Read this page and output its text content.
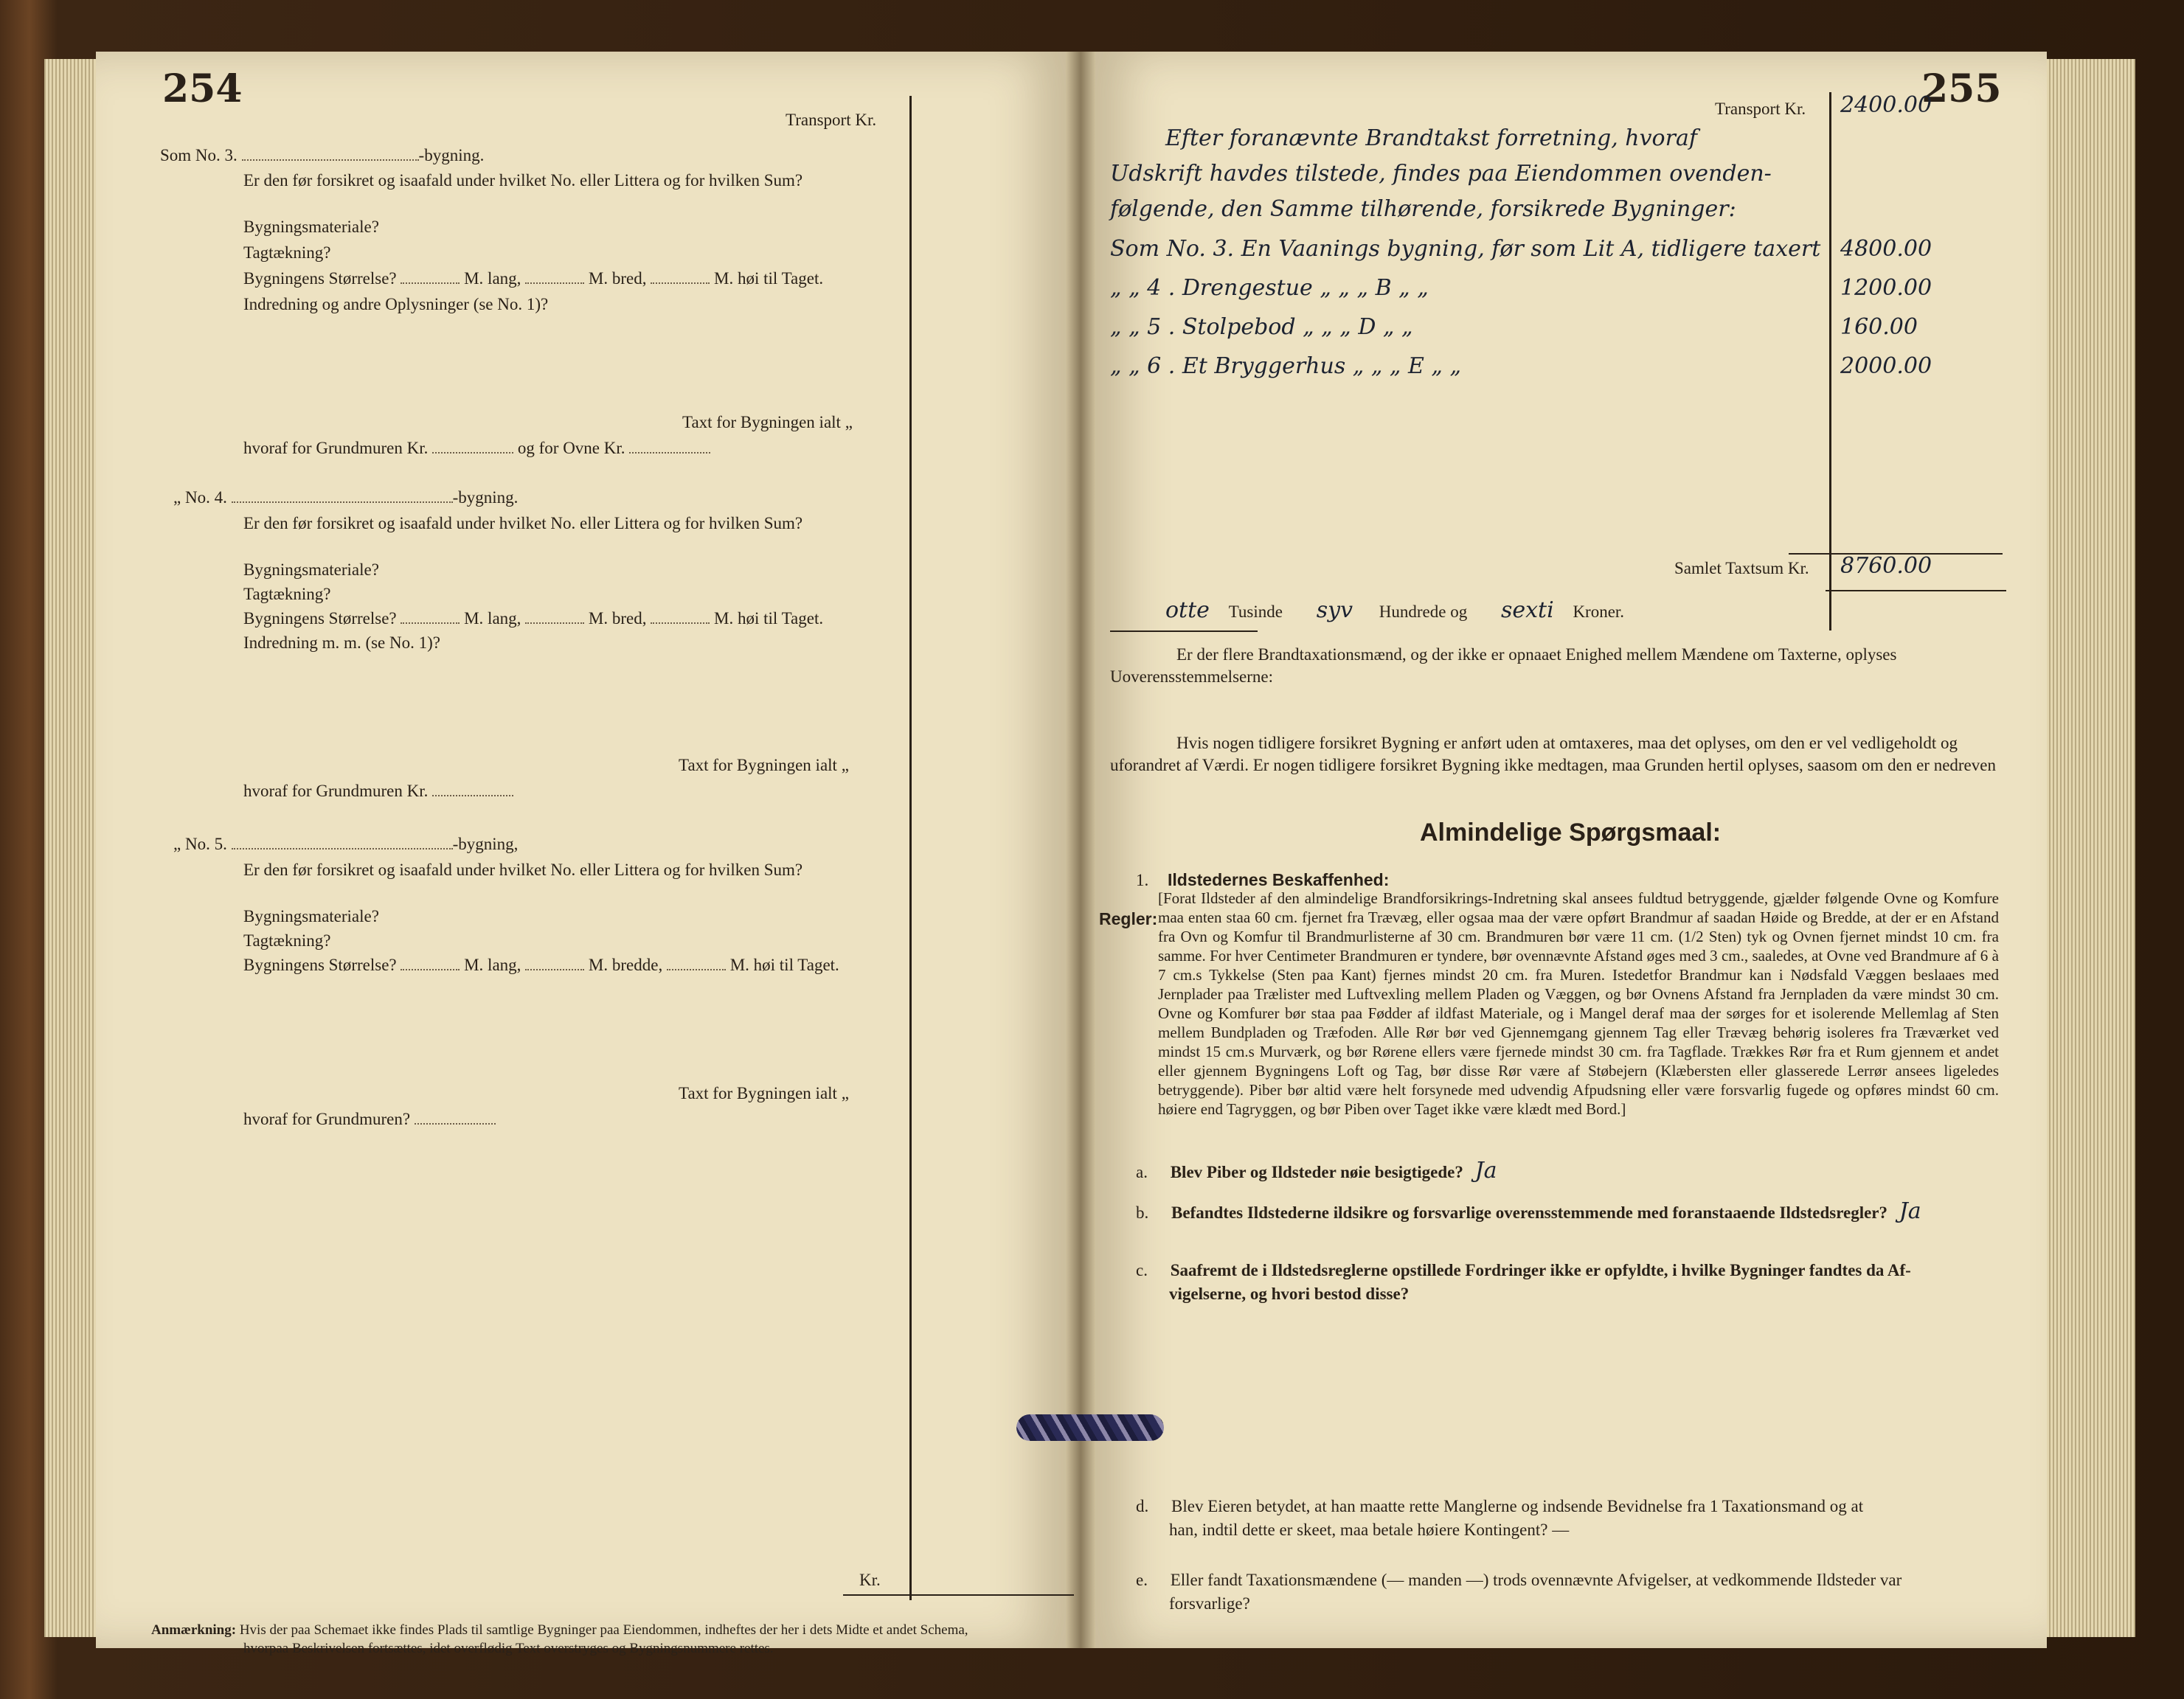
254
Transport Kr.
Kr.
Som No. 3.	-bygning.
Er den før forsikret og isaafald under hvilket No. eller Littera og for hvilken Sum?
Bygningsmateriale?
Tagtækning?
Bygningens Størrelse?	M. lang,	M. bred,	M. høi til Taget.
Indredning og andre Oplysninger (se No. 1)?
Taxt for Bygningen ialt „
hvoraf for Grundmuren Kr.	og for Ovne Kr.
„ No. 4.	-bygning.
Er den før forsikret og isaafald under hvilket No. eller Littera og for hvilken Sum?
Bygningsmateriale?
Tagtækning?
Bygningens Størrelse?	M. lang,	M. bred,	M. høi til Taget.
Indredning m. m. (se No. 1)?
Taxt for Bygningen ialt „
hvoraf for Grundmuren Kr.
„ No. 5.	-bygning,
Er den før forsikret og isaafald under hvilket No. eller Littera og for hvilken Sum?
Bygningsmateriale?
Tagtækning?
Bygningens Størrelse?	M. lang,	M. bredde,	M. høi til Taget.
Taxt for Bygningen ialt „
hvoraf for Grundmuren?
Anmærkning: Hvis der paa Schemaet ikke findes Plads til samtlige Bygninger paa Eiendommen, indheftes der her i dets Midte et andet Schema,
hvorpaa Beskrivelsen fortsættes, idet overflødig Text overstryges og Bygningsnummere rettes.
255
Transport Kr. 2400.00
Efter foranævnte Brandtakst forretning, hvoraf
Udskrift havdes tilstede, findes paa Eiendommen ovenden-
følgende, den Samme tilhørende, forsikrede Bygninger:
Som No. 3. En Vaanings bygning, før som Lit A, tidligere taxert 4800.00
„ „ 4 . Drengestue „ „ „ B „ „	1200.00
„ „ 5 . Stolpebod „ „ „ D „ „	160.00
„ „ 6 . Et Bryggerhus „ „ „ E „ „	2000.00
Samlet Taxtsum Kr. 8760.00
otte Tusinde syv Hundrede og sexti Kroner.
Er der flere Brandtaxationsmænd, og der ikke er opnaaet Enighed mellem Mændene om Taxterne, oplyses
Uoverensstemmelserne:
Hvis nogen tidligere forsikret Bygning er anført uden at omtaxeres, maa det oplyses, om den er vel vedligeholdt og
uforandret af Værdi. Er nogen tidligere forsikret Bygning ikke medtagen, maa Grunden hertil oplyses, saasom om den er nedreven
Almindelige Spørgsmaal:
1. Ildstedernes Beskaffenhed:
Regler:
[Forat Ildsteder af den almindelige Brandforsikrings-Indretning skal ansees fuldtud betryggende, gjælder følgende Ovne og Komfure maa enten staa 60 cm. fjernet fra Trævæg, eller ogsaa maa der være opført Brandmur af saadan Høide og Bredde, at der er en Afstand fra Ovn og Komfur til Brandmurlisterne af 30 cm. Brandmuren bør være 11 cm. (1/2 Sten) tyk og Ovnen fjernet mindst 10 cm. fra samme. For hver Centimeter Brandmuren er tyndere, bør ovennævnte Afstand øges med 3 cm., saaledes, at Ovne ved Brandmure af 6 à 7 cm.s Tykkelse (Sten paa Kant) fjernes mindst 20 cm. fra Muren. Istedetfor Brandmur kan i Nødsfald Væggen beslaaes med Jernplader paa Trælister med Luftvexling mellem Pladen og Væggen, og bør Ovnens Afstand fra Jernpladen da være mindst 30 cm. Ovne og Komfurer bør staa paa Fødder af ildfast Materiale, og i Mangel deraf maa der sørges for et isolerende Mellemlag af Sten mellem Bundpladen og Træfoden. Alle Rør bør ved Gjennemgang gjennem Tag eller Trævæg behørig isoleres fra Træværket ved mindst 15 cm.s Murværk, og bør Rørene ellers være fjernede mindst 30 cm. fra Tagflade. Trækkes Rør fra et Rum gjennem et andet eller gjennem Bygningens Loft og Tag, bør disse Rør være af Støbejern (Klæbersten eller glasserede Lerrør ansees ligeledes betryggende). Piber bør altid være helt forsynede med udvendig Afpudsning eller være forsvarlig fugede og opføres mindst 60 cm. høiere end Tagryggen, og bør Piben over Taget ikke være klædt med Bord.]
a. Blev Piber og Ildsteder nøie besigtigede? Ja
b. Befandtes Ildstederne ildsikre og forsvarlige overensstemmende med foranstaaende Ildstedsregler? Ja
c. Saafremt de i Ildstedsreglerne opstillede Fordringer ikke er opfyldte, i hvilke Bygninger fandtes da Af-
vigelserne, og hvori bestod disse?
d. Blev Eieren betydet, at han maatte rette Manglerne og indsende Bevidnelse fra 1 Taxationsmand og at
han, indtil dette er skeet, maa betale høiere Kontingent? —
e. Eller fandt Taxationsmændene (— manden —) trods ovennævnte Afvigelser, at vedkommende Ildsteder var
forsvarlige?
